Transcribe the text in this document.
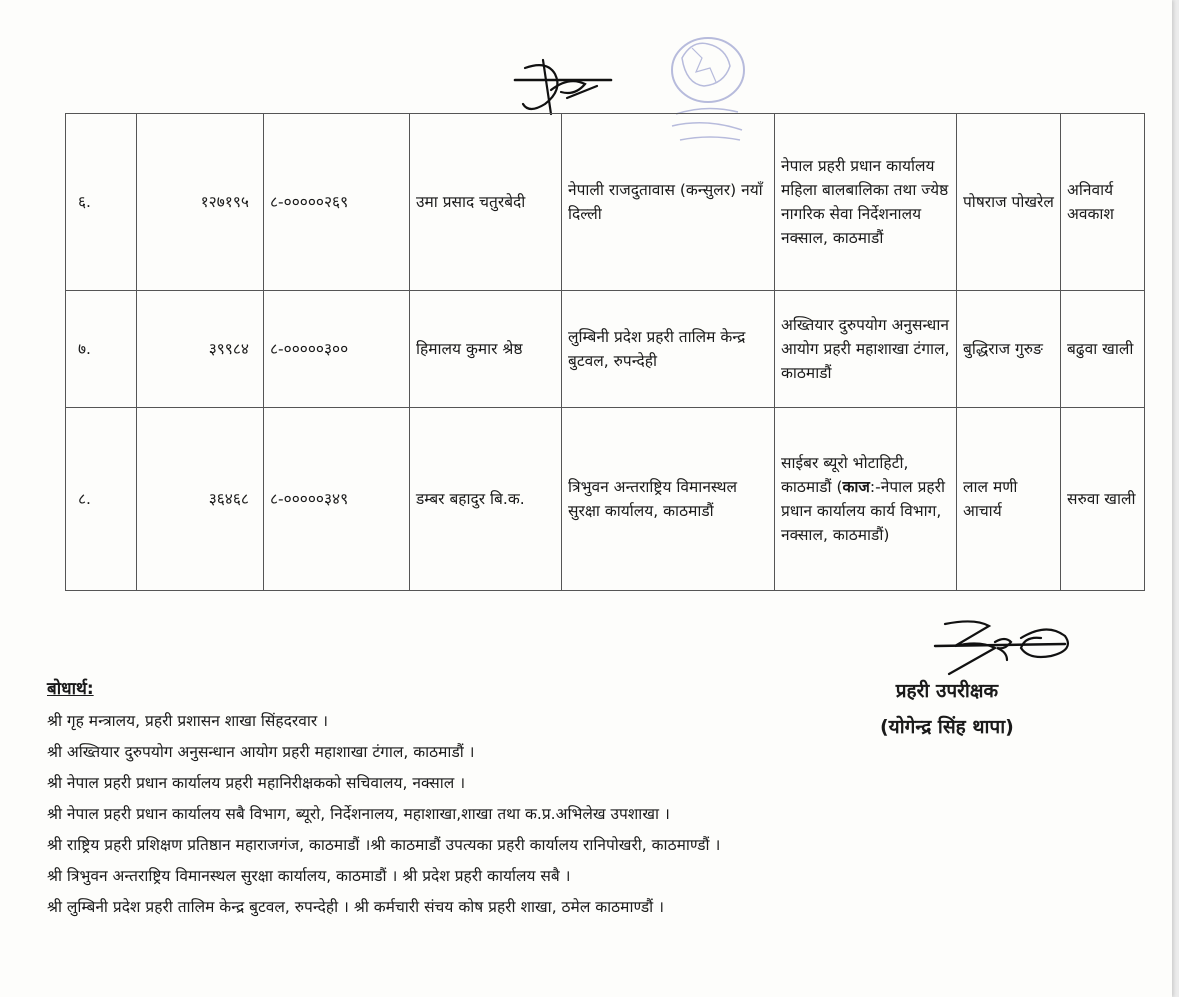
६.	१२७१९५	८-०००००२६९	उमा प्रसाद चतुरबेदी	नेपाली राजदुतावास (कन्सुलर) नयाँ दिल्ली	नेपाल प्रहरी प्रधान कार्यालय महिला बालबालिका तथा ज्येष्ठ नागरिक सेवा निर्देशनालय नक्साल, काठमाडौं	पोषराज पोखरेल	अनिवार्य अवकाश
७.	३९९८४	८-०००००३००	हिमालय कुमार श्रेष्ठ	लुम्बिनी प्रदेश प्रहरी तालिम केन्द्र बुटवल, रुपन्देही	अख्तियार दुरुपयोग अनुसन्धान आयोग प्रहरी महाशाखा टंगाल, काठमाडौं	बुद्धिराज गुरुङ	बढुवा खाली
८.	३६४६८	८-०००००३४९	डम्बर बहादुर बि.क.	त्रिभुवन अन्तराष्ट्रिय विमानस्थल सुरक्षा कार्यालय, काठमाडौं	साईबर ब्यूरो भोटाहिटी, काठमाडौं (काज:-नेपाल प्रहरी प्रधान कार्यालय कार्य विभाग, नक्साल, काठमाडौं)	लाल मणी आचार्य	सरुवा खाली
प्रहरी उपरीक्षक
(योगेन्द्र सिंह थापा)
बोधार्थ:
श्री गृह मन्त्रालय, प्रहरी प्रशासन शाखा सिंहदरवार ।
श्री अख्तियार दुरुपयोग अनुसन्धान आयोग प्रहरी महाशाखा टंगाल, काठमाडौं ।
श्री नेपाल प्रहरी प्रधान कार्यालय प्रहरी महानिरीक्षकको सचिवालय, नक्साल ।
श्री नेपाल प्रहरी प्रधान कार्यालय सबै विभाग, ब्यूरो, निर्देशनालय, महाशाखा,शाखा तथा क.प्र.अभिलेख उपशाखा ।
श्री राष्ट्रिय प्रहरी प्रशिक्षण प्रतिष्ठान महाराजगंज, काठमाडौं ।श्री काठमाडौं उपत्यका प्रहरी कार्यालय रानिपोखरी, काठमाण्डौं ।
श्री त्रिभुवन अन्तराष्ट्रिय विमानस्थल सुरक्षा कार्यालय, काठमाडौं । श्री प्रदेश प्रहरी कार्यालय सबै ।
श्री लुम्बिनी प्रदेश प्रहरी तालिम केन्द्र बुटवल, रुपन्देही । श्री कर्मचारी संचय कोष प्रहरी शाखा, ठमेल काठमाण्डौं ।
